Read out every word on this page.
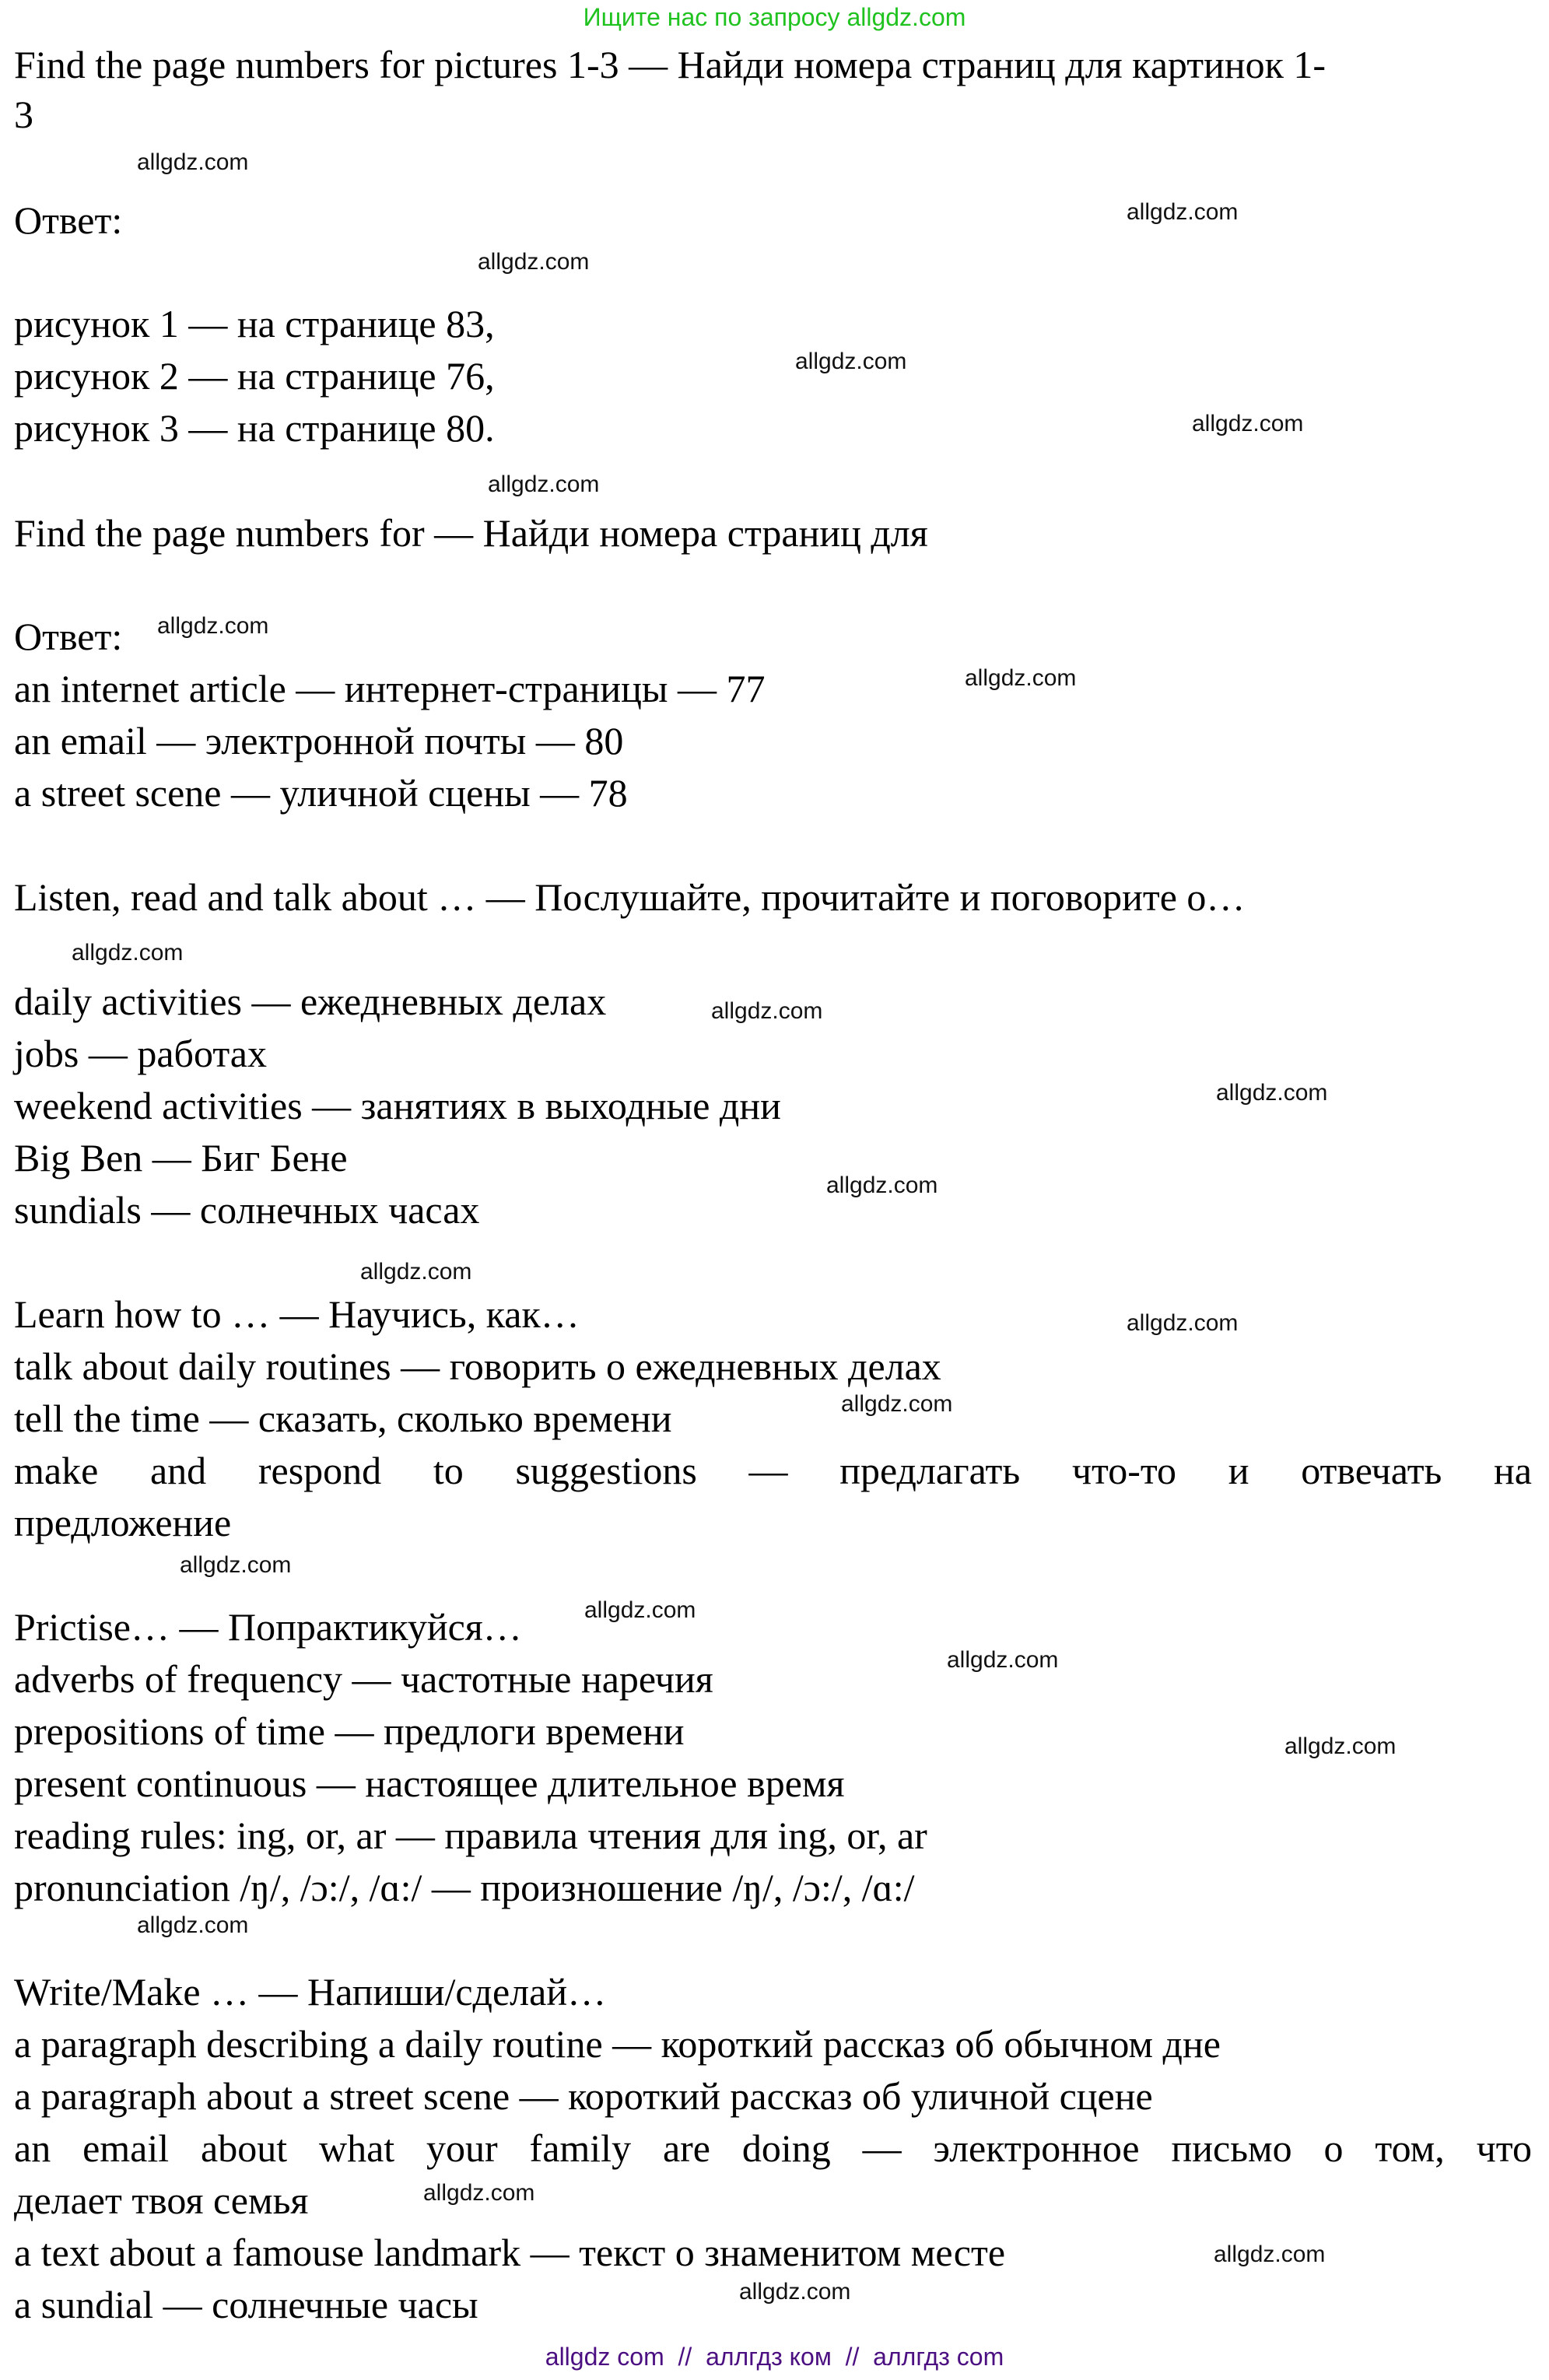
Ищите нас по запросу allgdz.com
Find the page numbers for pictures 1-3 — Найди номера страниц для картинок 1-
3
Ответ:
рисунок 1 — на странице 83,
рисунок 2 — на странице 76,
рисунок 3 — на странице 80.
Find the page numbers for — Найди номера страниц для
Ответ:
an internet article — интернет-страницы — 77
an email — электронной почты — 80
a street scene — уличной сцены — 78
Listen, read and talk about … — Послушайте, прочитайте и поговорите о…
daily activities — ежедневных делах
jobs — работах
weekend activities — занятиях в выходные дни
Big Ben — Биг Бене
sundials — солнечных часах
Learn how to … — Научись, как…
talk about daily routines — говорить о ежедневных делах
tell the time — сказать, сколько времени
make and respond to suggestions — предлагать что-то и отвечать на
предложение
Prictise… — Попрактикуйся…
adverbs of frequency — частотные наречия
prepositions of time — предлоги времени
present continuous — настоящее длительное время
reading rules: ing, or, ar — правила чтения для ing, or, ar
pronunciation /ŋ/, /ɔ:/, /ɑ:/ — произношение /ŋ/, /ɔ:/, /ɑ:/
Write/Make … — Напиши/сделай…
a paragraph describing a daily routine — короткий рассказ об обычном дне
a paragraph about a street scene — короткий рассказ об уличной сцене
an email about what your family are doing — электронное письмо о том, что
делает твоя семья
a text about a famouse landmark — текст о знаменитом месте
a sundial — солнечные часы
allgdz.com
allgdz.com
allgdz.com
allgdz.com
allgdz.com
allgdz.com
allgdz.com
allgdz.com
allgdz.com
allgdz.com
allgdz.com
allgdz.com
allgdz.com
allgdz.com
allgdz.com
allgdz.com
allgdz.com
allgdz.com
allgdz.com
allgdz.com
allgdz.com
allgdz.com
allgdz.com
allgdz com  //  аллгдз ком  //  аллгдз com
